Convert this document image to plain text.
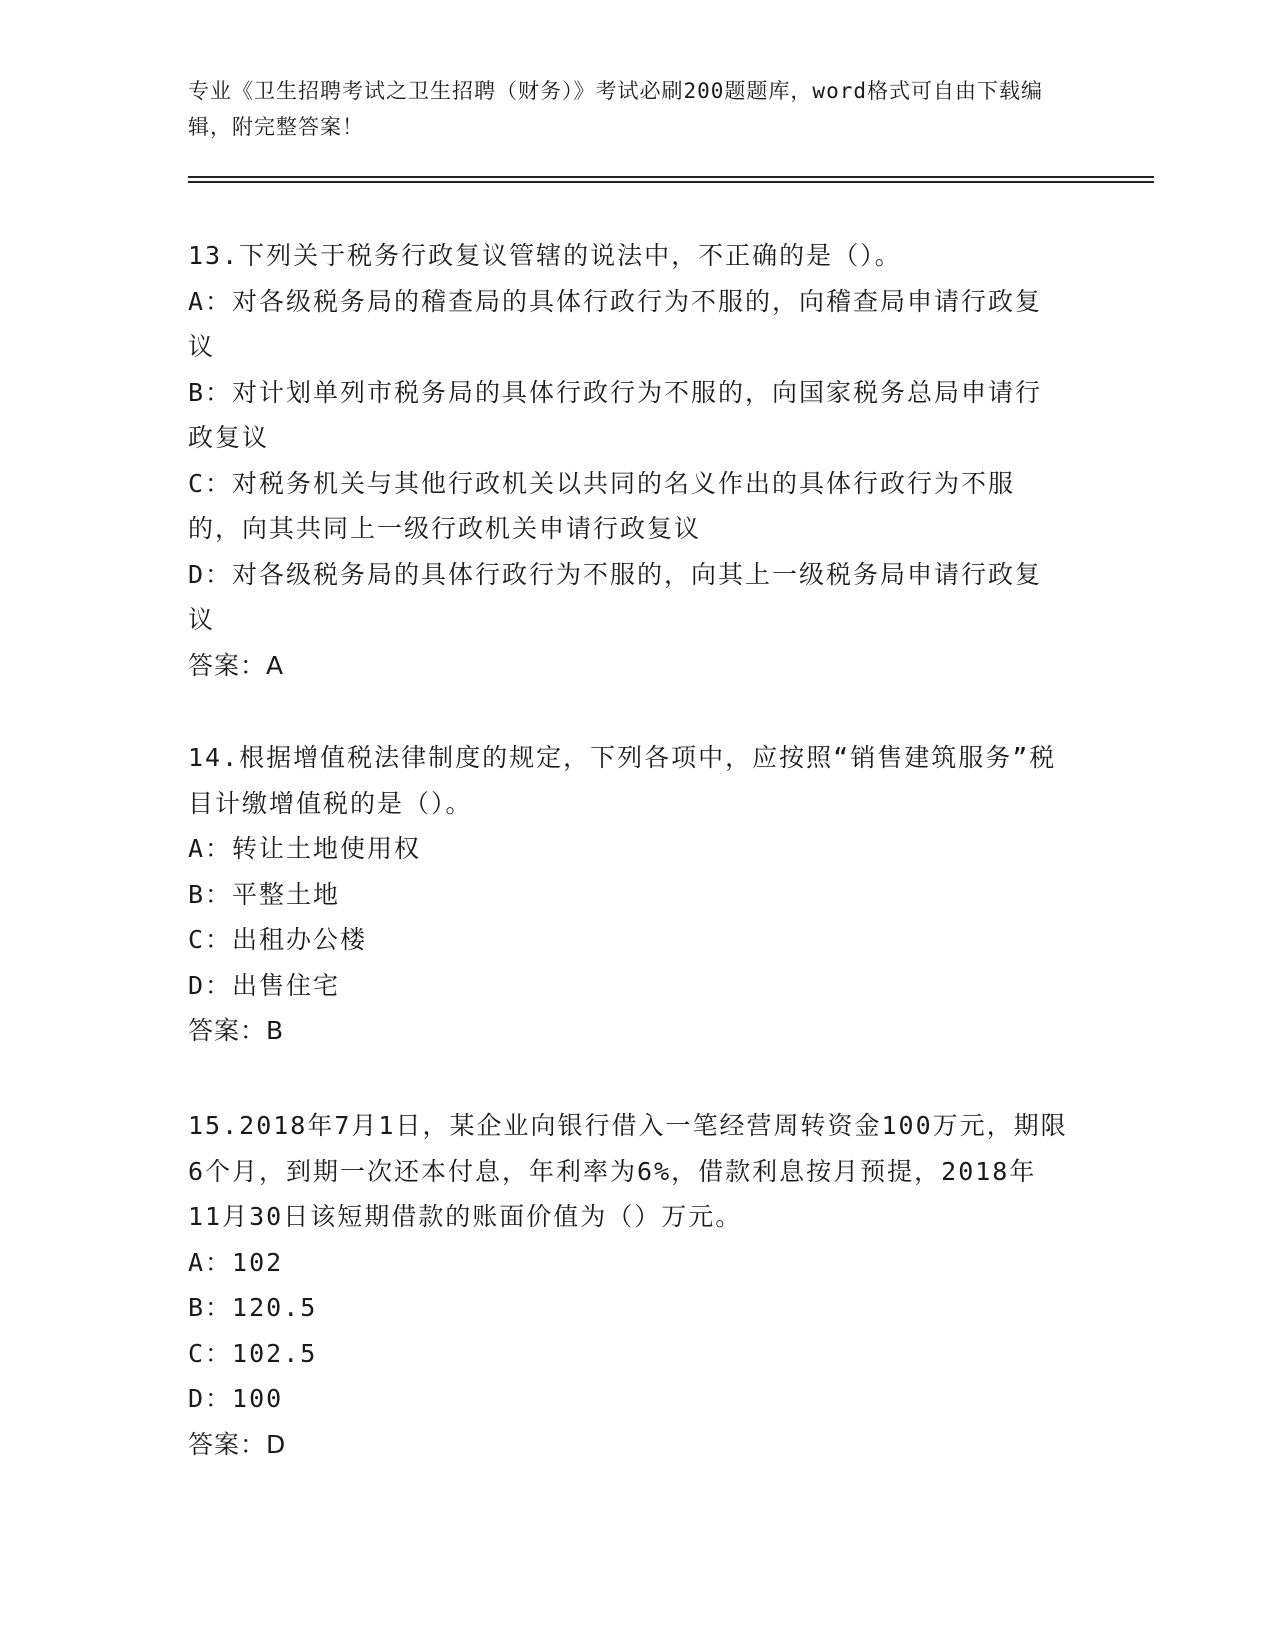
专业《卫生招聘考试之卫生招聘（财务）》考试必刷200题题库，word格式可自由下载编辑，附完整答案！

13.下列关于税务行政复议管辖的说法中，不正确的是（）。

A：对各级税务局的稽查局的具体行政行为不服的，向稽查局申请行政复议

B：对计划单列市税务局的具体行政行为不服的，向国家税务总局申请行政复议

C：对税务机关与其他行政机关以共同的名义作出的具体行政行为不服的，向其共同上一级行政机关申请行政复议

D：对各级税务局的具体行政行为不服的，向其上一级税务局申请行政复议

答案：A

14.根据增值税法律制度的规定，下列各项中，应按照“销售建筑服务”税目计缴增值税的是（）。

A：转让土地使用权

B：平整土地

C：出租办公楼

D：出售住宅

答案：B

15.2018年7月1日，某企业向银行借入一笔经营周转资金100万元，期限6个月，到期一次还本付息，年利率为6%，借款利息按月预提，2018年11月30日该短期借款的账面价值为（）万元。

A：102

B：120.5

C：102.5

D：100

答案：D
